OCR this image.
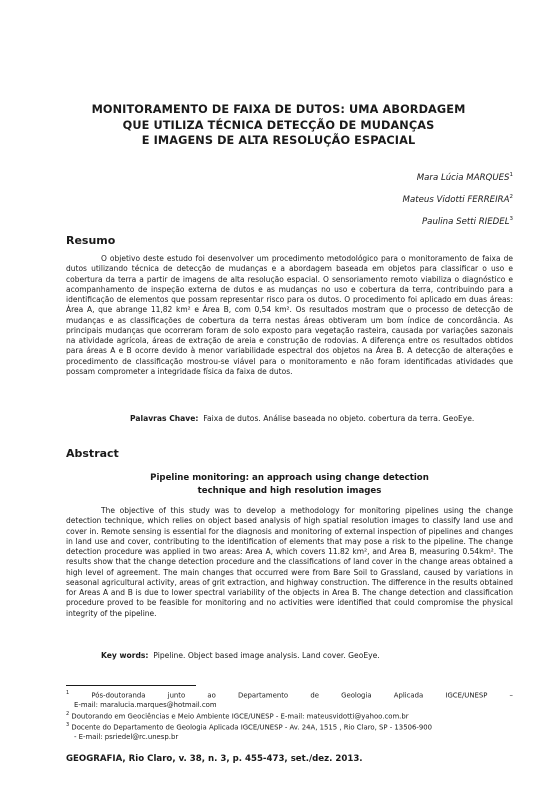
MONITORAMENTO DE FAIXA DE DUTOS: UMA ABORDAGEM
QUE UTILIZA TÉCNICA DETECÇÃO DE MUDANÇAS
E IMAGENS DE ALTA RESOLUÇÃO ESPACIAL
Mara Lúcia MARQUES$^1$
Mateus Vidotti FERREIRA$^2$
Paulina Setti RIEDEL$^3$
Resumo
O objetivo deste estudo foi desenvolver um procedimento metodológico para o monitoramento de faixa de dutos utilizando técnica de detecção de mudanças e a abordagem baseada em objetos para classificar o uso e cobertura da terra a partir de imagens de alta resolução espacial. O sensoriamento remoto viabiliza o diagnóstico e acompanhamento de inspeção externa de dutos e as mudanças no uso e cobertura da terra, contribuindo para a identificação de elementos que possam representar risco para os dutos. O procedimento foi aplicado em duas áreas: Área A, que abrange 11,82 km² e Área B, com 0,54 km². Os resultados mostram que o processo de detecção de mudanças e as classificações de cobertura da terra nestas áreas obtiveram um bom índice de concordância. As principais mudanças que ocorreram foram de solo exposto para vegetação rasteira, causada por variações sazonais na atividade agrícola, áreas de extração de areia e construção de rodovias. A diferença entre os resultados obtidos para áreas A e B ocorre devido à menor variabilidade espectral dos objetos na Área B. A detecção de alterações e procedimento de classificação mostrou-se viável para o monitoramento e não foram identificadas atividades que possam comprometer a integridade física da faixa de dutos.
Palavras Chave: Faixa de dutos. Análise baseada no objeto. cobertura da terra. GeoEye.
Abstract
Pipeline monitoring: an approach using change detection
technique and high resolution images
The objective of this study was to develop a methodology for monitoring pipelines using the change detection technique, which relies on object based analysis of high spatial resolution images to classify land use and cover in. Remote sensing is essential for the diagnosis and monitoring of external inspection of pipelines and changes in land use and cover, contributing to the identification of elements that may pose a risk to the pipeline. The change detection procedure was applied in two areas: Area A, which covers 11.82 km², and Area B, measuring 0.54km². The results show that the change detection procedure and the classifications of land cover in the change areas obtained a high level of agreement. The main changes that occurred were from Bare Soil to Grassland, caused by variations in seasonal agricultural activity, areas of grit extraction, and highway construction. The difference in the results obtained for Areas A and B is due to lower spectral variability of the objects in Area B. The change detection and classification procedure proved to be feasible for monitoring and no activities were identified that could compromise the physical integrity of the pipeline.
Key words: Pipeline. Object based image analysis. Land cover. GeoEye.
$^1$	Pós-doutoranda junto ao Departamento de Geologia Aplicada IGCE/UNESP –
E-mail: maralucia.marques@hotmail.com
$^2$ Doutorando em Geociências e Meio Ambiente IGCE/UNESP - E-mail: mateusvidotti@yahoo.com.br
$^3$ Docente do Departamento de Geologia Aplicada IGCE/UNESP - Av. 24A, 1515 , Rio Claro, SP - 13506-900
- E-mail: psriedel@rc.unesp.br
GEOGRAFIA, Rio Claro, v. 38, n. 3, p. 455-473, set./dez. 2013.
